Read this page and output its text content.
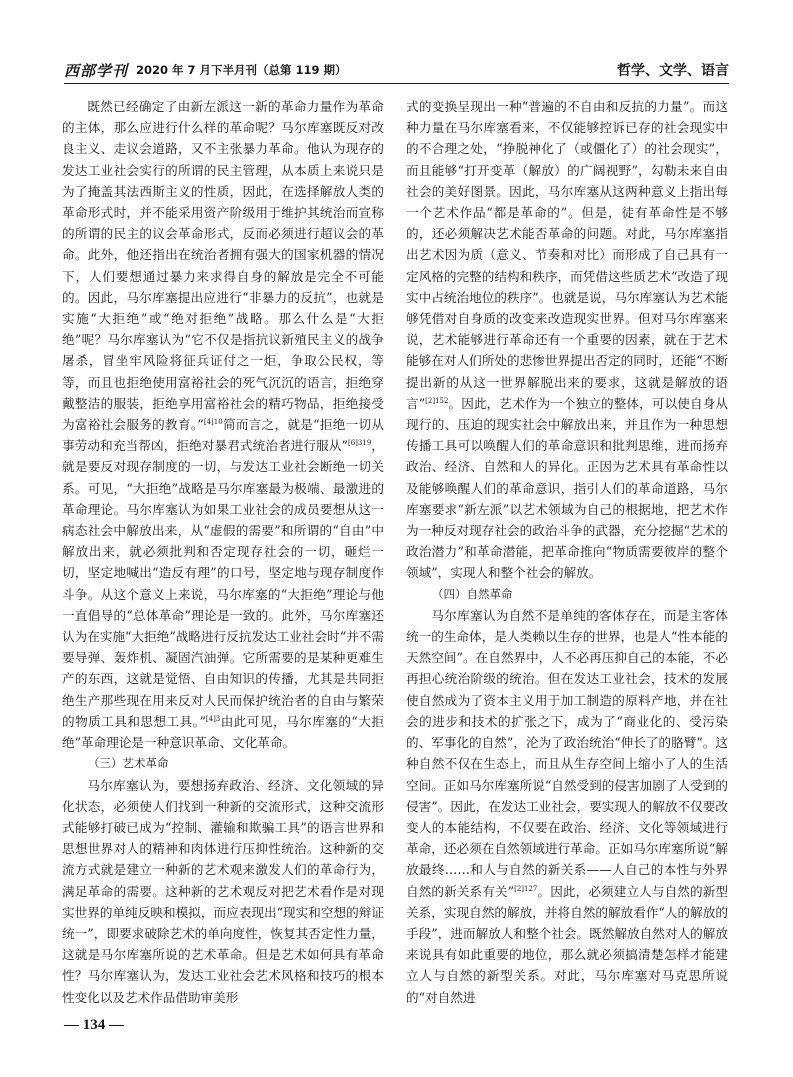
西部学刊 2020 年 7 月下半月刊（总第 119 期）	哲学、文学、语言

既然已经确定了由新左派这一新的革命力量作为革命的主体，那么应进行什么样的革命呢？马尔库塞既反对改良主义、走议会道路，又不主张暴力革命。他认为现存的发达工业社会实行的所谓的民主管理，从本质上来说只是为了掩盖其法西斯主义的性质，因此，在选择解放人类的革命形式时，并不能采用资产阶级用于维护其统治而宣称的所谓的民主的议会革命形式，反而必须进行超议会的革命。此外，他还指出在统治者拥有强大的国家机器的情况下，人们要想通过暴力来求得自身的解放是完全不可能的。因此，马尔库塞提出应进行“非暴力的反抗”，也就是实施“大拒绝”或“绝对拒绝”战略。那么什么是“大拒绝”呢？马尔库塞认为“它不仅是指抗议新殖民主义的战争屠杀，冒坐牢风险将征兵证付之一炬，争取公民权，等等，而且也拒绝使用富裕社会的死气沉沉的语言，拒绝穿戴整洁的服装，拒绝享用富裕社会的精巧物品，拒绝接受为富裕社会服务的教育。”$^{[4]10}$简而言之，就是“拒绝一切从事劳动和充当帮凶，拒绝对暴君式统治者进行服从”$^{[6]319}$，就是要反对现存制度的一切，与发达工业社会断绝一切关系。可见，“大拒绝”战略是马尔库塞最为极端、最激进的革命理论。马尔库塞认为如果工业社会的成员要想从这一病态社会中解放出来，从“虚假的需要”和所谓的“自由”中解放出来，就必须批判和否定现存社会的一切，砸烂一切，坚定地喊出“造反有理”的口号，坚定地与现存制度作斗争。从这个意义上来说，马尔库塞的“大拒绝”理论与他一直倡导的“总体革命”理论是一致的。此外，马尔库塞还认为在实施“大拒绝”战略进行反抗发达工业社会时“并不需要导弹、轰炸机、凝固汽油弹。它所需要的是某种更难生产的东西，这就是觉悟、自由知识的传播，尤其是共同拒绝生产那些现在用来反对人民而保护统治者的自由与繁荣的物质工具和思想工具。”$^{[4]3}$由此可见，马尔库塞的“大拒绝”革命理论是一种意识革命、文化革命。

（三）艺术革命

马尔库塞认为，要想扬弃政治、经济、文化领域的异化状态，必须使人们找到一种新的交流形式，这种交流形式能够打破已成为“控制、灌输和欺骗工具”的语言世界和思想世界对人的精神和肉体进行压抑性统治。这种新的交流方式就是建立一种新的艺术观来激发人们的革命行为，满足革命的需要。这种新的艺术观反对把艺术看作是对现实世界的单纯反映和模拟，而应表现出“现实和空想的辩证统一”，即要求破除艺术的单向度性，恢复其否定性力量，这就是马尔库塞所说的艺术革命。但是艺术如何具有革命性？马尔库塞认为，发达工业社会艺术风格和技巧的根本性变化以及艺术作品借助审美形

式的变换呈现出一种“普遍的不自由和反抗的力量”。而这种力量在马尔库塞看来，不仅能够控诉已存的社会现实中的不合理之处，“挣脱神化了（或僵化了）的社会现实”，而且能够“打开变革（解放）的广阔视野”，勾勒未来自由社会的美好图景。因此，马尔库塞从这两种意义上指出每一个艺术作品“都是革命的”。但是，徒有革命性是不够的，还必须解决艺术能否革命的问题。对此，马尔库塞指出艺术因为质（意义、节奏和对比）而形成了自己具有一定风格的完整的结构和秩序，而凭借这些质艺术“改造了现实中占统治地位的秩序”。也就是说，马尔库塞认为艺术能够凭借对自身质的改变来改造现实世界。但对马尔库塞来说，艺术能够进行革命还有一个重要的因素，就在于艺术能够在对人们所处的悲惨世界提出否定的同时，还能“不断提出新的从这一世界解脱出来的要求，这就是解放的语言”$^{[2]152}$。因此，艺术作为一个独立的整体，可以使自身从现行的、压迫的现实社会中解放出来，并且作为一种思想传播工具可以唤醒人们的革命意识和批判思维，进而扬弃政治、经济、自然和人的异化。正因为艺术具有革命性以及能够唤醒人们的革命意识，指引人们的革命道路，马尔库塞要求“新左派”以艺术领域为自己的根据地，把艺术作为一种反对现存社会的政治斗争的武器，充分挖掘“艺术的政治潜力”和革命潜能，把革命推向“物质需要彼岸的整个领域”，实现人和整个社会的解放。

（四）自然革命

马尔库塞认为自然不是单纯的客体存在，而是主客体统一的生命体，是人类赖以生存的世界，也是人“性本能的天然空间”。在自然界中，人不必再压抑自己的本能，不必再担心统治阶级的统治。但在发达工业社会，技术的发展使自然成为了资本主义用于加工制造的原料产地，并在社会的进步和技术的扩张之下，成为了“商业化的、受污染的、军事化的自然”，沦为了政治统治“伸长了的胳臂”。这种自然不仅在生态上，而且从生存空间上缩小了人的生活空间。正如马尔库塞所说“自然受到的侵害加剧了人受到的侵害”。因此，在发达工业社会，要实现人的解放不仅要改变人的本能结构，不仅要在政治、经济、文化等领域进行革命，还必须在自然领域进行革命。正如马尔库塞所说“解放最终……和人与自然的新关系——人自己的本性与外界自然的新关系有关”$^{[2]127}$。因此，必须建立人与自然的新型关系，实现自然的解放，并将自然的解放看作“人的解放的手段”，进而解放人和整个社会。既然解放自然对人的解放来说具有如此重要的地位，那么就必须搞清楚怎样才能建立人与自然的新型关系。对此，马尔库塞对马克思所说的“对自然进

— 134 —
